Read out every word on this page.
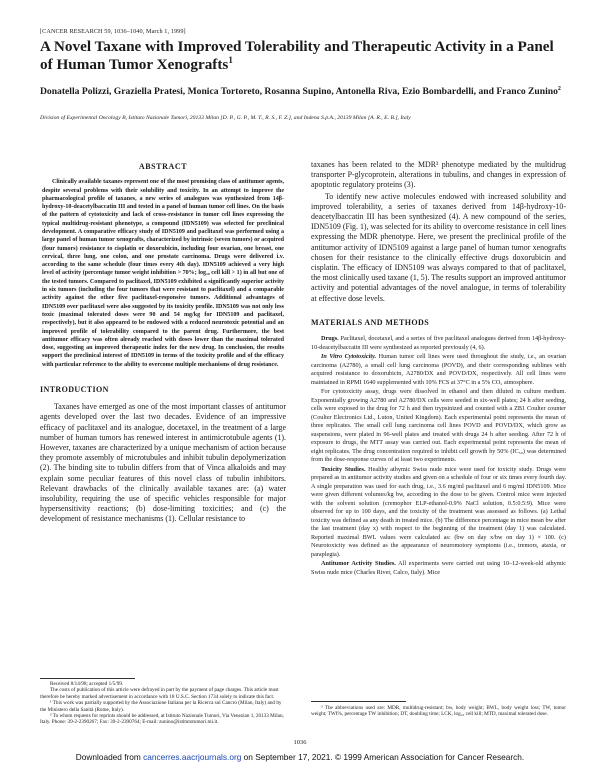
[CANCER RESEARCH 59, 1036–1040, March 1, 1999]
A Novel Taxane with Improved Tolerability and Therapeutic Activity in a Panel of Human Tumor Xenografts$^1$
Donatella Polizzi, Graziella Pratesi, Monica Tortoreto, Rosanna Supino, Antonella Riva, Ezio Bombardelli, and Franco Zunino$^2$
Division of Experimental Oncology B, Istituto Nazionale Tumori, 20133 Milan [D. P., G. P., M. T., R. S., F. Z.], and Indena S.p.A., 20139 Milan [A. R., E. B.], Italy
ABSTRACT
Clinically available taxanes represent one of the most promising class of antitumor agents, despite several problems with their solubility and toxicity. In an attempt to improve the pharmacological profile of taxanes, a new series of analogues was synthesized from 14β-hydroxy-10-deacetylbaccatin III and tested in a panel of human tumor cell lines. On the basis of the pattern of cytotoxicity and lack of cross-resistance in tumor cell lines expressing the typical multidrug-resistant phenotype, a compound (IDN5109) was selected for preclinical development. A comparative efficacy study of IDN5109 and paclitaxel was performed using a large panel of human tumor xenografts, characterized by intrinsic (seven tumors) or acquired (four tumors) resistance to cisplatin or doxorubicin, including four ovarian, one breast, one cervical, three lung, one colon, and one prostate carcinoma. Drugs were delivered i.v. according to the same schedule (four times every 4th day). IDN5109 achieved a very high level of activity (percentage tumor weight inhibition > 70%; log₁₀ cell kill > 1) in all but one of the tested tumors. Compared to paclitaxel, IDN5109 exhibited a significantly superior activity in six tumors (including the four tumors that were resistant to paclitaxel) and a comparable activity against the other five paclitaxel-responsive tumors. Additional advantages of IDN5109 over paclitaxel were also suggested by its toxicity profile. IDN5109 was not only less toxic (maximal tolerated doses were 90 and 54 mg/kg for IDN5109 and paclitaxel, respectively), but it also appeared to be endowed with a reduced neurotoxic potential and an improved profile of tolerability compared to the parent drug. Furthermore, the best antitumor efficacy was often already reached with doses lower than the maximal tolerated dose, suggesting an improved therapeutic index for the new drug. In conclusion, the results support the preclinical interest of IDN5109 in terms of the toxicity profile and of the efficacy with particular reference to the ability to overcome multiple mechanisms of drug resistance.
INTRODUCTION

Taxanes have emerged as one of the most important classes of antitumor agents developed over the last two decades. Evidence of an impressive efficacy of paclitaxel and its analogue, docetaxel, in the treatment of a large number of human tumors has renewed interest in antimicrotubule agents (1). However, taxanes are characterized by a unique mechanism of action because they promote assembly of microtubules and inhibit tubulin depolymerization (2). The binding site to tubulin differs from that of Vinca alkaloids and may explain some peculiar features of this novel class of tubulin inhibitors. Relevant drawbacks of the clinically available taxanes are: (a) water insolubility, requiring the use of specific vehicles responsible for major hypersensitivity reactions; (b) dose-limiting toxicities; and (c) the development of resistance mechanisms (1). Cellular resistance to

Received 8/14/98; accepted 1/5/99.

The costs of publication of this article were defrayed in part by the payment of page charges. This article must therefore be hereby marked advertisement in accordance with 18 U.S.C. Section 1734 solely to indicate this fact.

¹ This work was partially supported by the Associazione Italiana per la Ricerca sul Cancro (Milan, Italy) and by the Ministero della Sanità (Rome, Italy).

² To whom requests for reprints should be addressed, at Istituto Nazionale Tumori, Via Venezian 1, 20133 Milan, Italy. Phone: 39-2-2390267; Fax: 39-2-2390764; E-mail: zunino@istitutotumori.mi.it.

taxanes has been related to the MDR³ phenotype mediated by the multidrug transporter P-glycoprotein, alterations in tubulins, and changes in expression of apoptotic regulatory proteins (3).

To identify new active molecules endowed with increased solubility and improved tolerability, a series of taxanes derived from 14β-hydroxy-10-deacetylbaccatin III has been synthesized (4). A new compound of the series, IDN5109 (Fig. 1), was selected for its ability to overcome resistance in cell lines expressing the MDR phenotype. Here, we present the preclinical profile of the antitumor activity of IDN5109 against a large panel of human tumor xenografts chosen for their resistance to the clinically effective drugs doxorubicin and cisplatin. The efficacy of IDN5109 was always compared to that of paclitaxel, the most clinically used taxane (1, 5). The results support an improved antitumor activity and potential advantages of the novel analogue, in terms of tolerability at effective dose levels.

MATERIALS AND METHODS

Drugs. Paclitaxel, docetaxel, and a series of five paclitaxel analogues derived from 14β-hydroxy-10-deacetylbaccatin III were synthesized as reported previously (4, 6).

In Vitro Cytotoxicity. Human tumor cell lines were used throughout the study, i.e., an ovarian carcinoma (A2780), a small cell lung carcinoma (POVD), and their corresponding sublines with acquired resistance to doxorubicin, A2780/DX and POVD/DX, respectively. All cell lines were maintained in RPMI 1640 supplemented with 10% FCS at 37°C in a 5% CO₂ atmosphere.

For cytotoxicity assay, drugs were dissolved in ethanol and then diluted in culture medium. Exponentially growing A2780 and A2780/DX cells were seeded in six-well plates; 24 h after seeding, cells were exposed to the drug for 72 h and then trypsinized and counted with a ZB1 Coulter counter (Coulter Electronics Ltd., Luton, United Kingdom). Each experimental point represents the mean of three replicates. The small cell lung carcinoma cell lines POVD and POVD/DX, which grow as suspensions, were plated in 96-well plates and treated with drugs 24 h after seeding. After 72 h of exposure to drugs, the MTT assay was carried out. Each experimental point represents the mean of eight replicates. The drug concentration required to inhibit cell growth by 50% (IC₅₀) was determined from the dose-response curves of at least two experiments.

Toxicity Studies. Healthy athymic Swiss nude mice were used for toxicity study. Drugs were prepared as in antitumor activity studies and given on a schedule of four or six times every fourth day. A single preparation was used for each drug, i.e., 3.6 mg/ml paclitaxel and 6 mg/ml IDN5109. Mice were given different volumes/kg bw, according to the dose to be given. Control mice were injected with the solvent solution (cremophor ELP-ethanol-0.9% NaCl solution, 0.5:0.5:9). Mice were observed for up to 100 days, and the toxicity of the treatment was assessed as follows. (a) Lethal toxicity was defined as any death in treated mice. (b) The difference percentage in mice mean bw after the last treatment (day x) with respect to the beginning of the treatment (day 1) was calculated. Reported maximal BWL values were calculated as: (bw on day x/bw on day 1) × 100. (c) Neurotoxicity was defined as the appearance of neuromotory symptoms (i.e., tremors, ataxia, or paraplegia).

Antitumor Activity Studies. All experiments were carried out using 10–12-week-old athymic Swiss nude mice (Charles River, Calco, Italy). Mice

³ The abbreviations used are: MDR, multidrug-resistant; bw, body weight; BWL, body weight loss; TW, tumor weight; TWI%, percentage TW inhibition; DT, doubling time; LCK, log₁₀ cell kill; MTD, maximal tolerated dose.
1036
Downloaded from cancerres.aacrjournals.org on September 17, 2021. © 1999 American Association for Cancer Research.
